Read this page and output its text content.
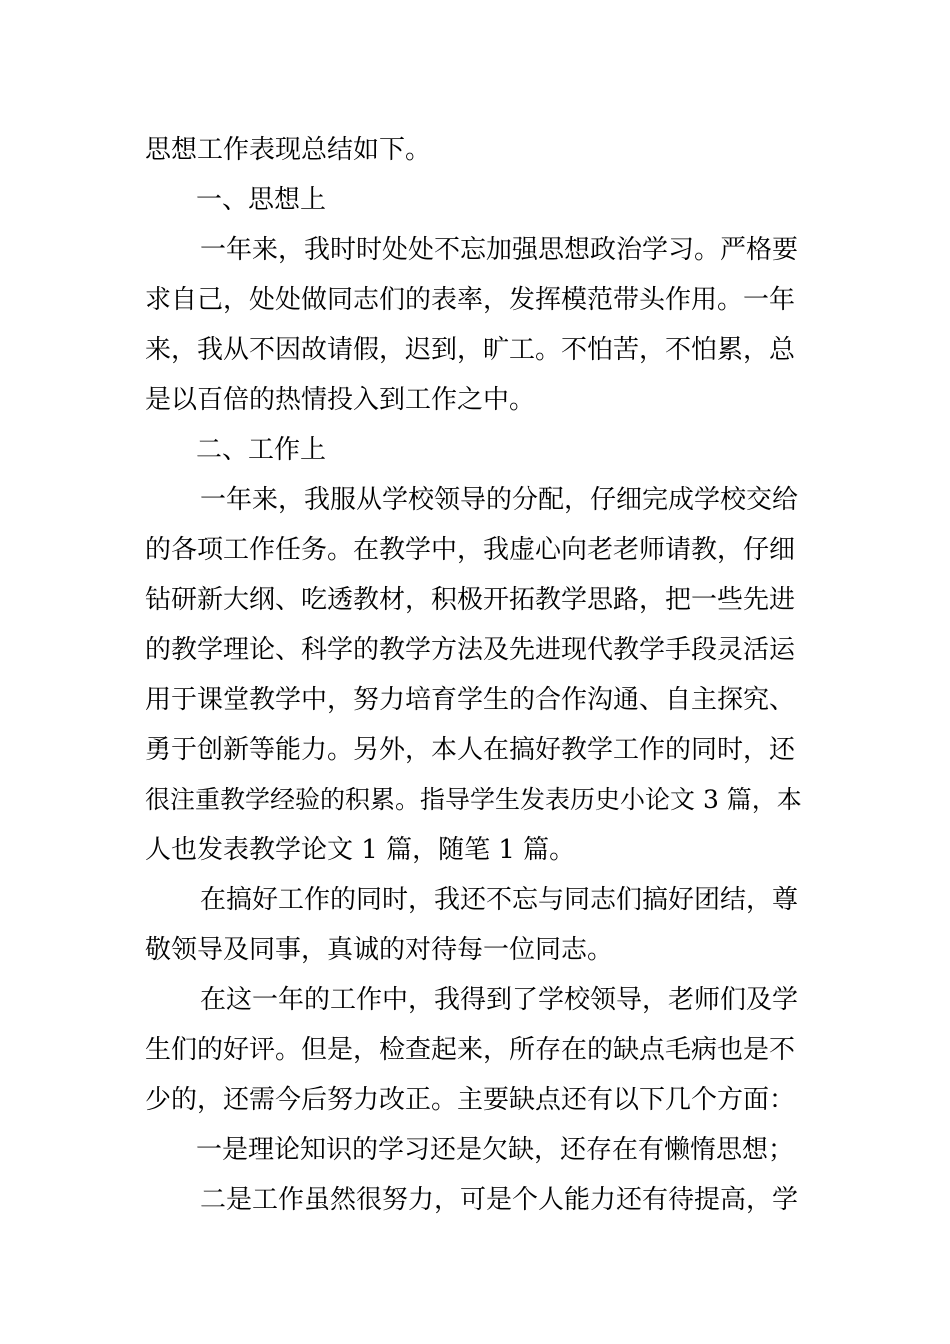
思想工作表现总结如下。
一、思想上
一年来，我时时处处不忘加强思想政治学习。严格要
求自己，处处做同志们的表率，发挥模范带头作用。一年
来，我从不因故请假，迟到，旷工。不怕苦，不怕累，总
是以百倍的热情投入到工作之中。
二、工作上
一年来，我服从学校领导的分配，仔细完成学校交给
的各项工作任务。在教学中，我虚心向老老师请教，仔细
钻研新大纲、吃透教材，积极开拓教学思路，把一些先进
的教学理论、科学的教学方法及先进现代教学手段灵活运
用于课堂教学中，努力培育学生的合作沟通、自主探究、
勇于创新等能力。另外，本人在搞好教学工作的同时，还
很注重教学经验的积累。指导学生发表历史小论文 3 篇，本
人也发表教学论文 1 篇，随笔 1 篇。
在搞好工作的同时，我还不忘与同志们搞好团结，尊
敬领导及同事，真诚的对待每一位同志。
在这一年的工作中，我得到了学校领导，老师们及学
生们的好评。但是，检查起来，所存在的缺点毛病也是不
少的，还需今后努力改正。主要缺点还有以下几个方面：
一是理论知识的学习还是欠缺，还存在有懒惰思想；
二是工作虽然很努力，可是个人能力还有待提高，学
